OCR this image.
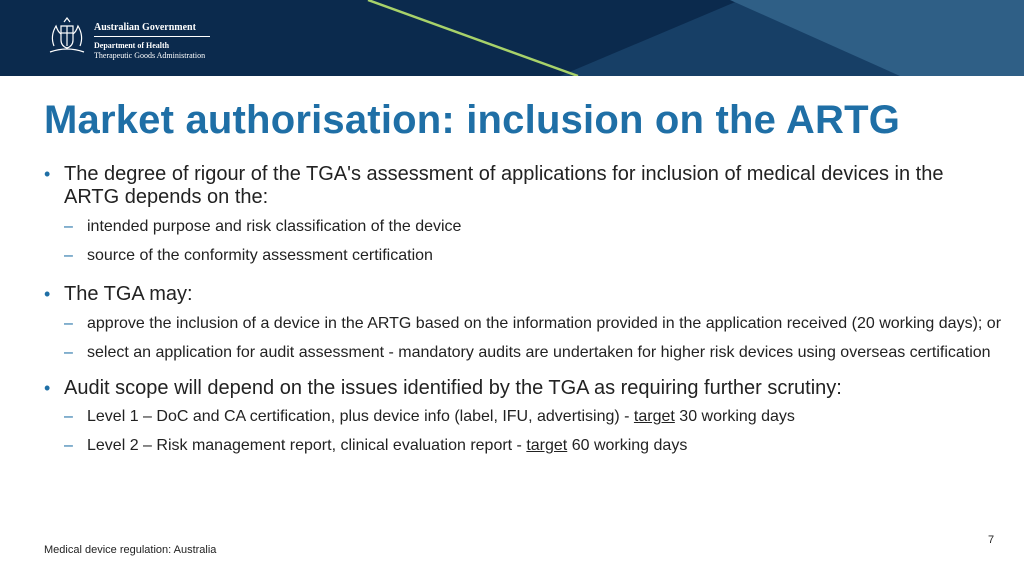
Australian Government
Department of Health
Therapeutic Goods Administration
Market authorisation: inclusion on the ARTG
• The degree of rigour of the TGA's assessment of applications for inclusion of medical devices in the ARTG depends on the:
– intended purpose and risk classification of the device
– source of the conformity assessment certification
• The TGA may:
– approve the inclusion of a device in the ARTG based on the information provided in the application received (20 working days); or
– select an application for audit assessment - mandatory audits are undertaken for higher risk devices using overseas certification
• Audit scope will depend on the issues identified by the TGA as requiring further scrutiny:
– Level 1 – DoC and CA certification, plus device info (label, IFU, advertising) - target 30 working days
– Level 2 – Risk management report, clinical evaluation report - target 60 working days
Medical device regulation: Australia
7
